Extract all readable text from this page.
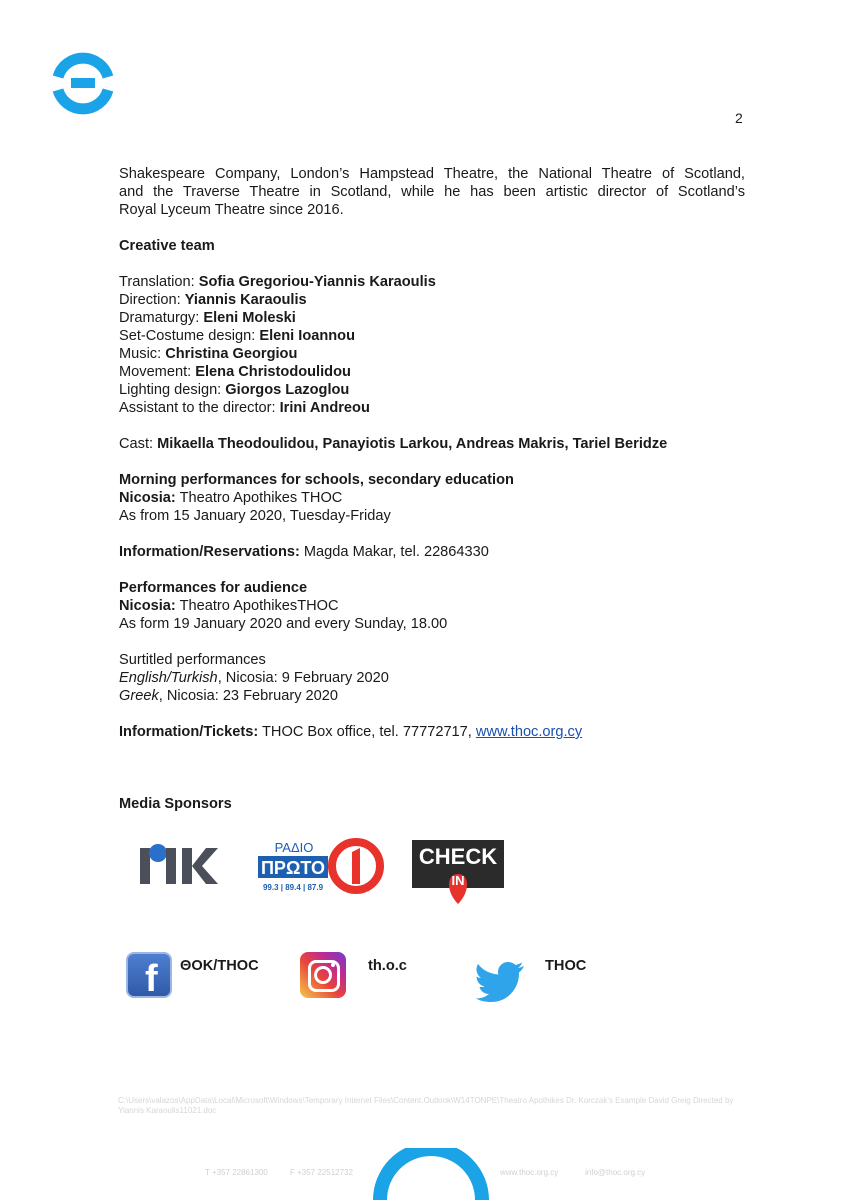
2

Shakespeare Company, London’s Hampstead Theatre, the National Theatre of Scotland,

and the Traverse Theatre in Scotland, while he has been artistic director of Scotland’s

Royal Lyceum Theatre since 2016.

Creative team

Translation: Sofia Gregoriou-Yiannis Karaoulis

Direction: Yiannis Karaoulis

Dramaturgy: Eleni Moleski

Set-Costume design: Eleni Ioannou

Music: Christina Georgiou

Movement: Elena Christodoulidou

Lighting design: Giorgos Lazoglou

Assistant to the director: Irini Andreou

Cast: Mikaella Theodoulidou, Panayiotis Larkou, Andreas Makris, Tariel Beridze

Morning performances for schools, secondary education

Nicosia: Theatro Apothikes THOC

As from 15 January 2020, Tuesday-Friday

Information/Reservations: Magda Makar, tel. 22864330

Performances for audience

Nicosia: Theatro ApothikesTHOC

As form 19 January 2020 and every Sunday, 18.00

Surtitled performances

English/Turkish, Nicosia: 9 February 2020

Greek, Nicosia: 23 February 2020

Information/Tickets: THOC Box office, tel. 77772717, www.thoc.org.cy

Media Sponsors
ΡΑΔΙΟ
ΠΡΩΤΟ
99.3 | 89.4 | 87.9
CHECK
IN
f ΘΟΚ/THOC	th.o.c	THOC
C:\Users\valazos\AppData\Local\Microsoft\Windows\Temporary Internet Files\Content.Outlook\W14TONPE\Theatro Apothikes Dr. Korczak's Example David Greig Directed by Yiannis Karaoulis11021.doc
T +357 22861300	F +357 22512732	www.thoc.org.cy	info@thoc.org.cy
